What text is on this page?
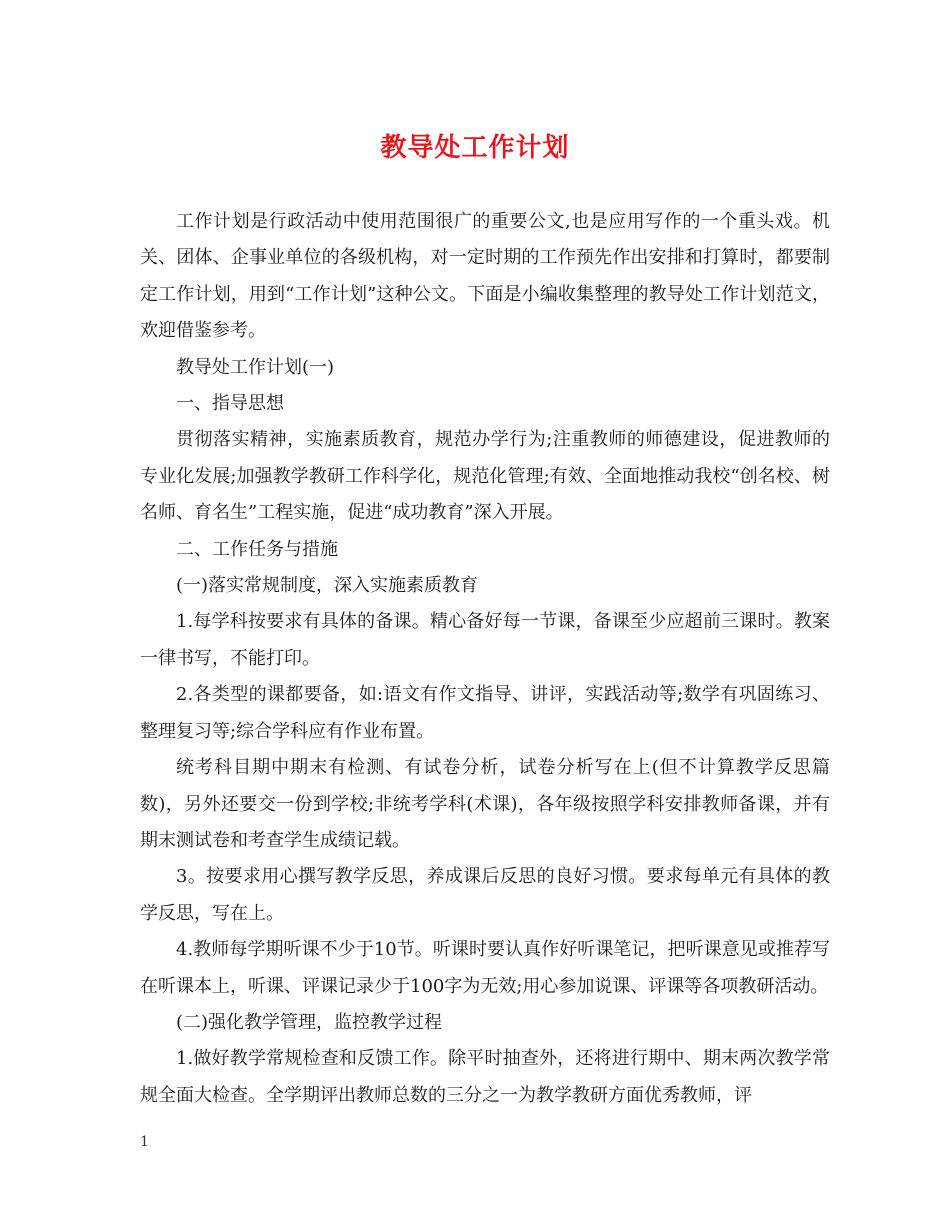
教导处工作计划

工作计划是行政活动中使用范围很广的重要公文,也是应用写作的一个重头戏。机关、团体、企事业单位的各级机构，对一定时期的工作预先作出安排和打算时，都要制定工作计划，用到“工作计划”这种公文。下面是小编收集整理的教导处工作计划范文，欢迎借鉴参考。

教导处工作计划(一)

一、指导思想

贯彻落实精神，实施素质教育，规范办学行为;注重教师的师德建设，促进教师的专业化发展;加强教学教研工作科学化，规范化管理;有效、全面地推动我校“创名校、树名师、育名生”工程实施，促进“成功教育”深入开展。

二、工作任务与措施

(一)落实常规制度，深入实施素质教育

1.每学科按要求有具体的备课。精心备好每一节课，备课至少应超前三课时。教案一律书写，不能打印。

2.各类型的课都要备，如:语文有作文指导、讲评，实践活动等;数学有巩固练习、整理复习等;综合学科应有作业布置。

统考科目期中期末有检测、有试卷分析，试卷分析写在上(但不计算教学反思篇数)，另外还要交一份到学校;非统考学科(术课)，各年级按照学科安排教师备课，并有期末测试卷和考查学生成绩记载。

3。按要求用心撰写教学反思，养成课后反思的良好习惯。要求每单元有具体的教学反思，写在上。

4.教师每学期听课不少于10节。听课时要认真作好听课笔记，把听课意见或推荐写在听课本上，听课、评课记录少于100字为无效;用心参加说课、评课等各项教研活动。

(二)强化教学管理，监控教学过程

1.做好教学常规检查和反馈工作。除平时抽查外，还将进行期中、期末两次教学常规全面大检查。全学期评出教师总数的三分之一为教学教研方面优秀教师，评

1
